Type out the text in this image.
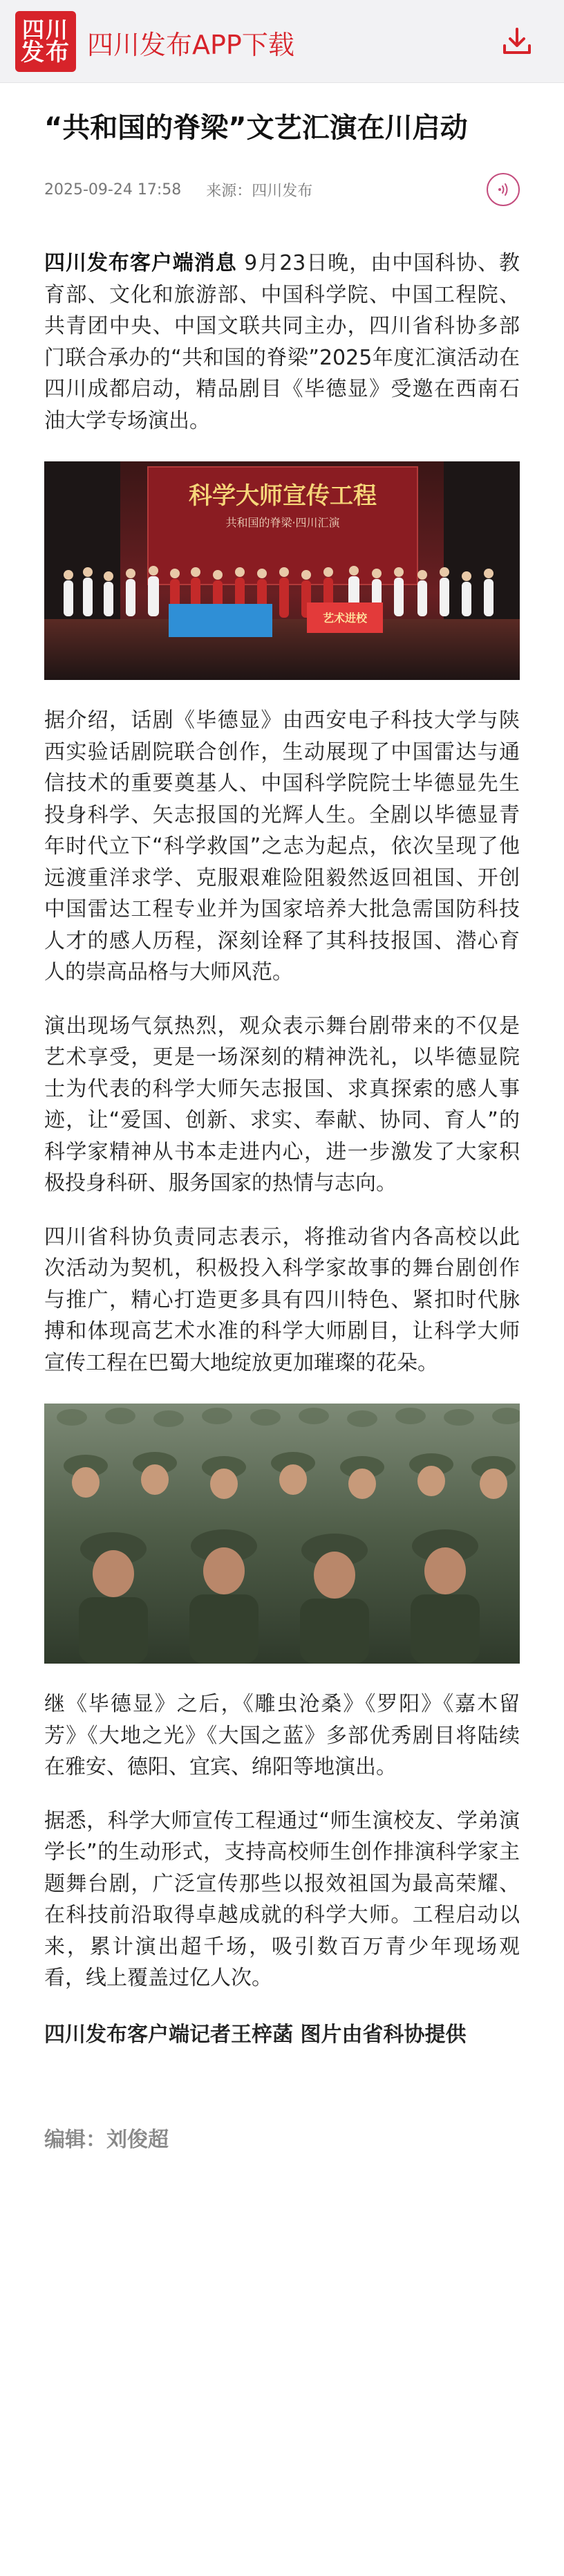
四川
发布 四川发布APP下载
“共和国的脊梁”文艺汇演在川启动
2025-09-24 17:58 来源：四川发布

四川发布客户端消息 9月23日晚，由中国科协、教育部、文化和旅游部、中国科学院、中国工程院、共青团中央、中国文联共同主办，四川省科协多部门联合承办的“共和国的脊梁”2025年度汇演活动在四川成都启动，精品剧目《毕德显》受邀在西南石油大学专场演出。

科学大师宣传工程
共和国的脊梁·四川汇演
艺术进校

据介绍，话剧《毕德显》由西安电子科技大学与陕西实验话剧院联合创作，生动展现了中国雷达与通信技术的重要奠基人、中国科学院院士毕德显先生投身科学、矢志报国的光辉人生。全剧以毕德显青年时代立下“科学救国”之志为起点，依次呈现了他远渡重洋求学、克服艰难险阻毅然返回祖国、开创中国雷达工程专业并为国家培养大批急需国防科技人才的感人历程，深刻诠释了其科技报国、潜心育人的崇高品格与大师风范。

演出现场气氛热烈，观众表示舞台剧带来的不仅是艺术享受，更是一场深刻的精神洗礼，以毕德显院士为代表的科学大师矢志报国、求真探索的感人事迹，让“爱国、创新、求实、奉献、协同、育人”的科学家精神从书本走进内心，进一步激发了大家积极投身科研、服务国家的热情与志向。

四川省科协负责同志表示，将推动省内各高校以此次活动为契机，积极投入科学家故事的舞台剧创作与推广，精心打造更多具有四川特色、紧扣时代脉搏和体现高艺术水准的科学大师剧目，让科学大师宣传工程在巴蜀大地绽放更加璀璨的花朵。

继《毕德显》之后，《雕虫沧桑》《罗阳》《嘉木留芳》《大地之光》《大国之蓝》多部优秀剧目将陆续在雅安、德阳、宜宾、绵阳等地演出。

据悉，科学大师宣传工程通过“师生演校友、学弟演学长”的生动形式，支持高校师生创作排演科学家主题舞台剧，广泛宣传那些以报效祖国为最高荣耀、在科技前沿取得卓越成就的科学大师。工程启动以来，累计演出超千场，吸引数百万青少年现场观看，线上覆盖过亿人次。

四川发布客户端记者王梓菡 图片由省科协提供

编辑：刘俊超
